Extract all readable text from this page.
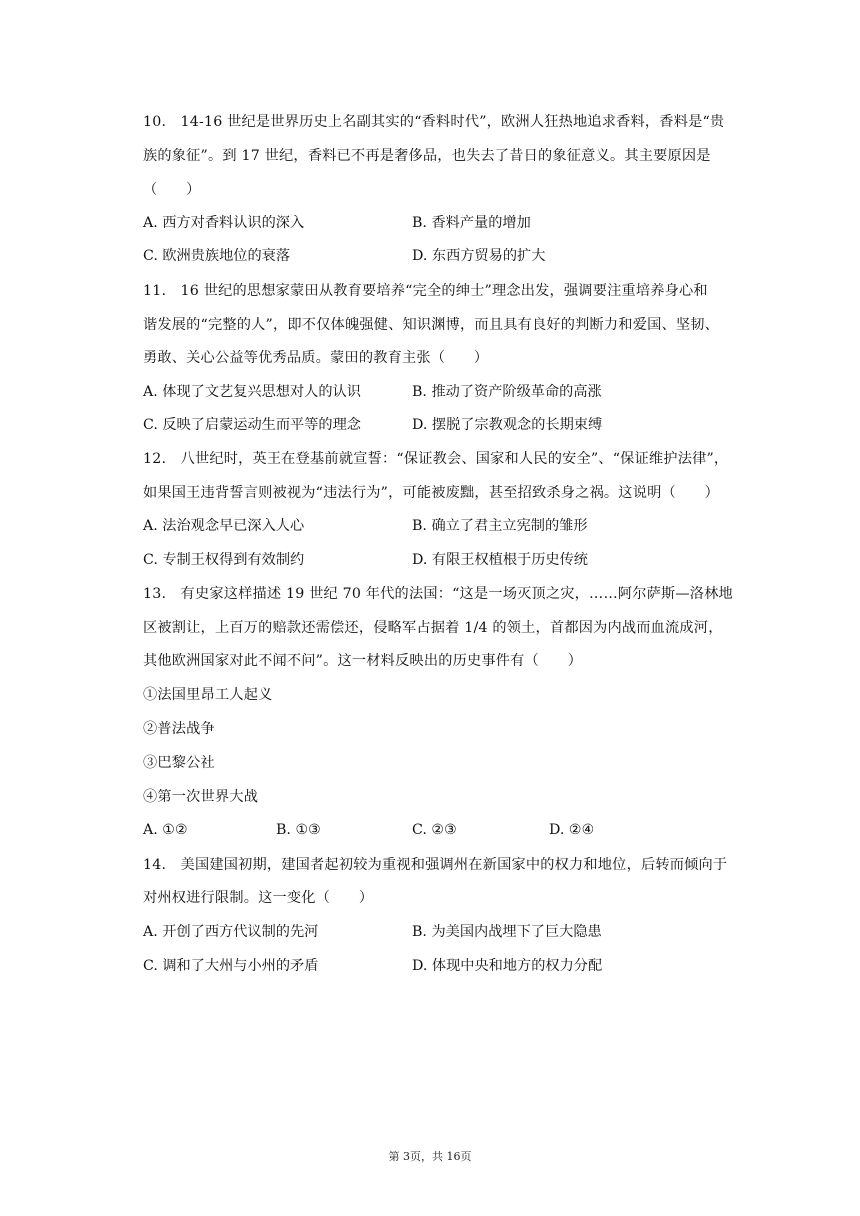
10.　14-16 世纪是世界历史上名副其实的“香料时代”，欧洲人狂热地追求香料，香料是“贵
族的象征”。到 17 世纪，香料已不再是奢侈品，也失去了昔日的象征意义。其主要原因是
（　　）
A. 西方对香料认识的深入	B. 香料产量的增加
C. 欧洲贵族地位的衰落	D. 东西方贸易的扩大
11.　16 世纪的思想家蒙田从教育要培养“完全的绅士”理念出发，强调要注重培养身心和
谐发展的“完整的人”，即不仅体魄强健、知识渊博，而且具有良好的判断力和爱国、坚韧、
勇敢、关心公益等优秀品质。蒙田的教育主张（　　）
A. 体现了文艺复兴思想对人的认识	B. 推动了资产阶级革命的高涨
C. 反映了启蒙运动生而平等的理念	D. 摆脱了宗教观念的长期束缚
12.　八世纪时，英王在登基前就宣誓：“保证教会、国家和人民的安全”、“保证维护法律”，
如果国王违背誓言则被视为“违法行为”，可能被废黜，甚至招致杀身之祸。这说明（　　）
A. 法治观念早已深入人心	B. 确立了君主立宪制的雏形
C. 专制王权得到有效制约	D. 有限王权植根于历史传统
13.　有史家这样描述 19 世纪 70 年代的法国：“这是一场灭顶之灾，……阿尔萨斯—洛林地
区被割让，上百万的赔款还需偿还，侵略军占据着 1/4 的领土，首都因为内战而血流成河，
其他欧洲国家对此不闻不问”。这一材料反映出的历史事件有（　　）
①法国里昂工人起义
②普法战争
③巴黎公社
④第一次世界大战
A. ①②	B. ①③	C. ②③	D. ②④
14.　美国建国初期，建国者起初较为重视和强调州在新国家中的权力和地位，后转而倾向于
对州权进行限制。这一变化（　　）
A. 开创了西方代议制的先河	B. 为美国内战埋下了巨大隐患
C. 调和了大州与小州的矛盾	D. 体现中央和地方的权力分配
第 3页，共 16页
